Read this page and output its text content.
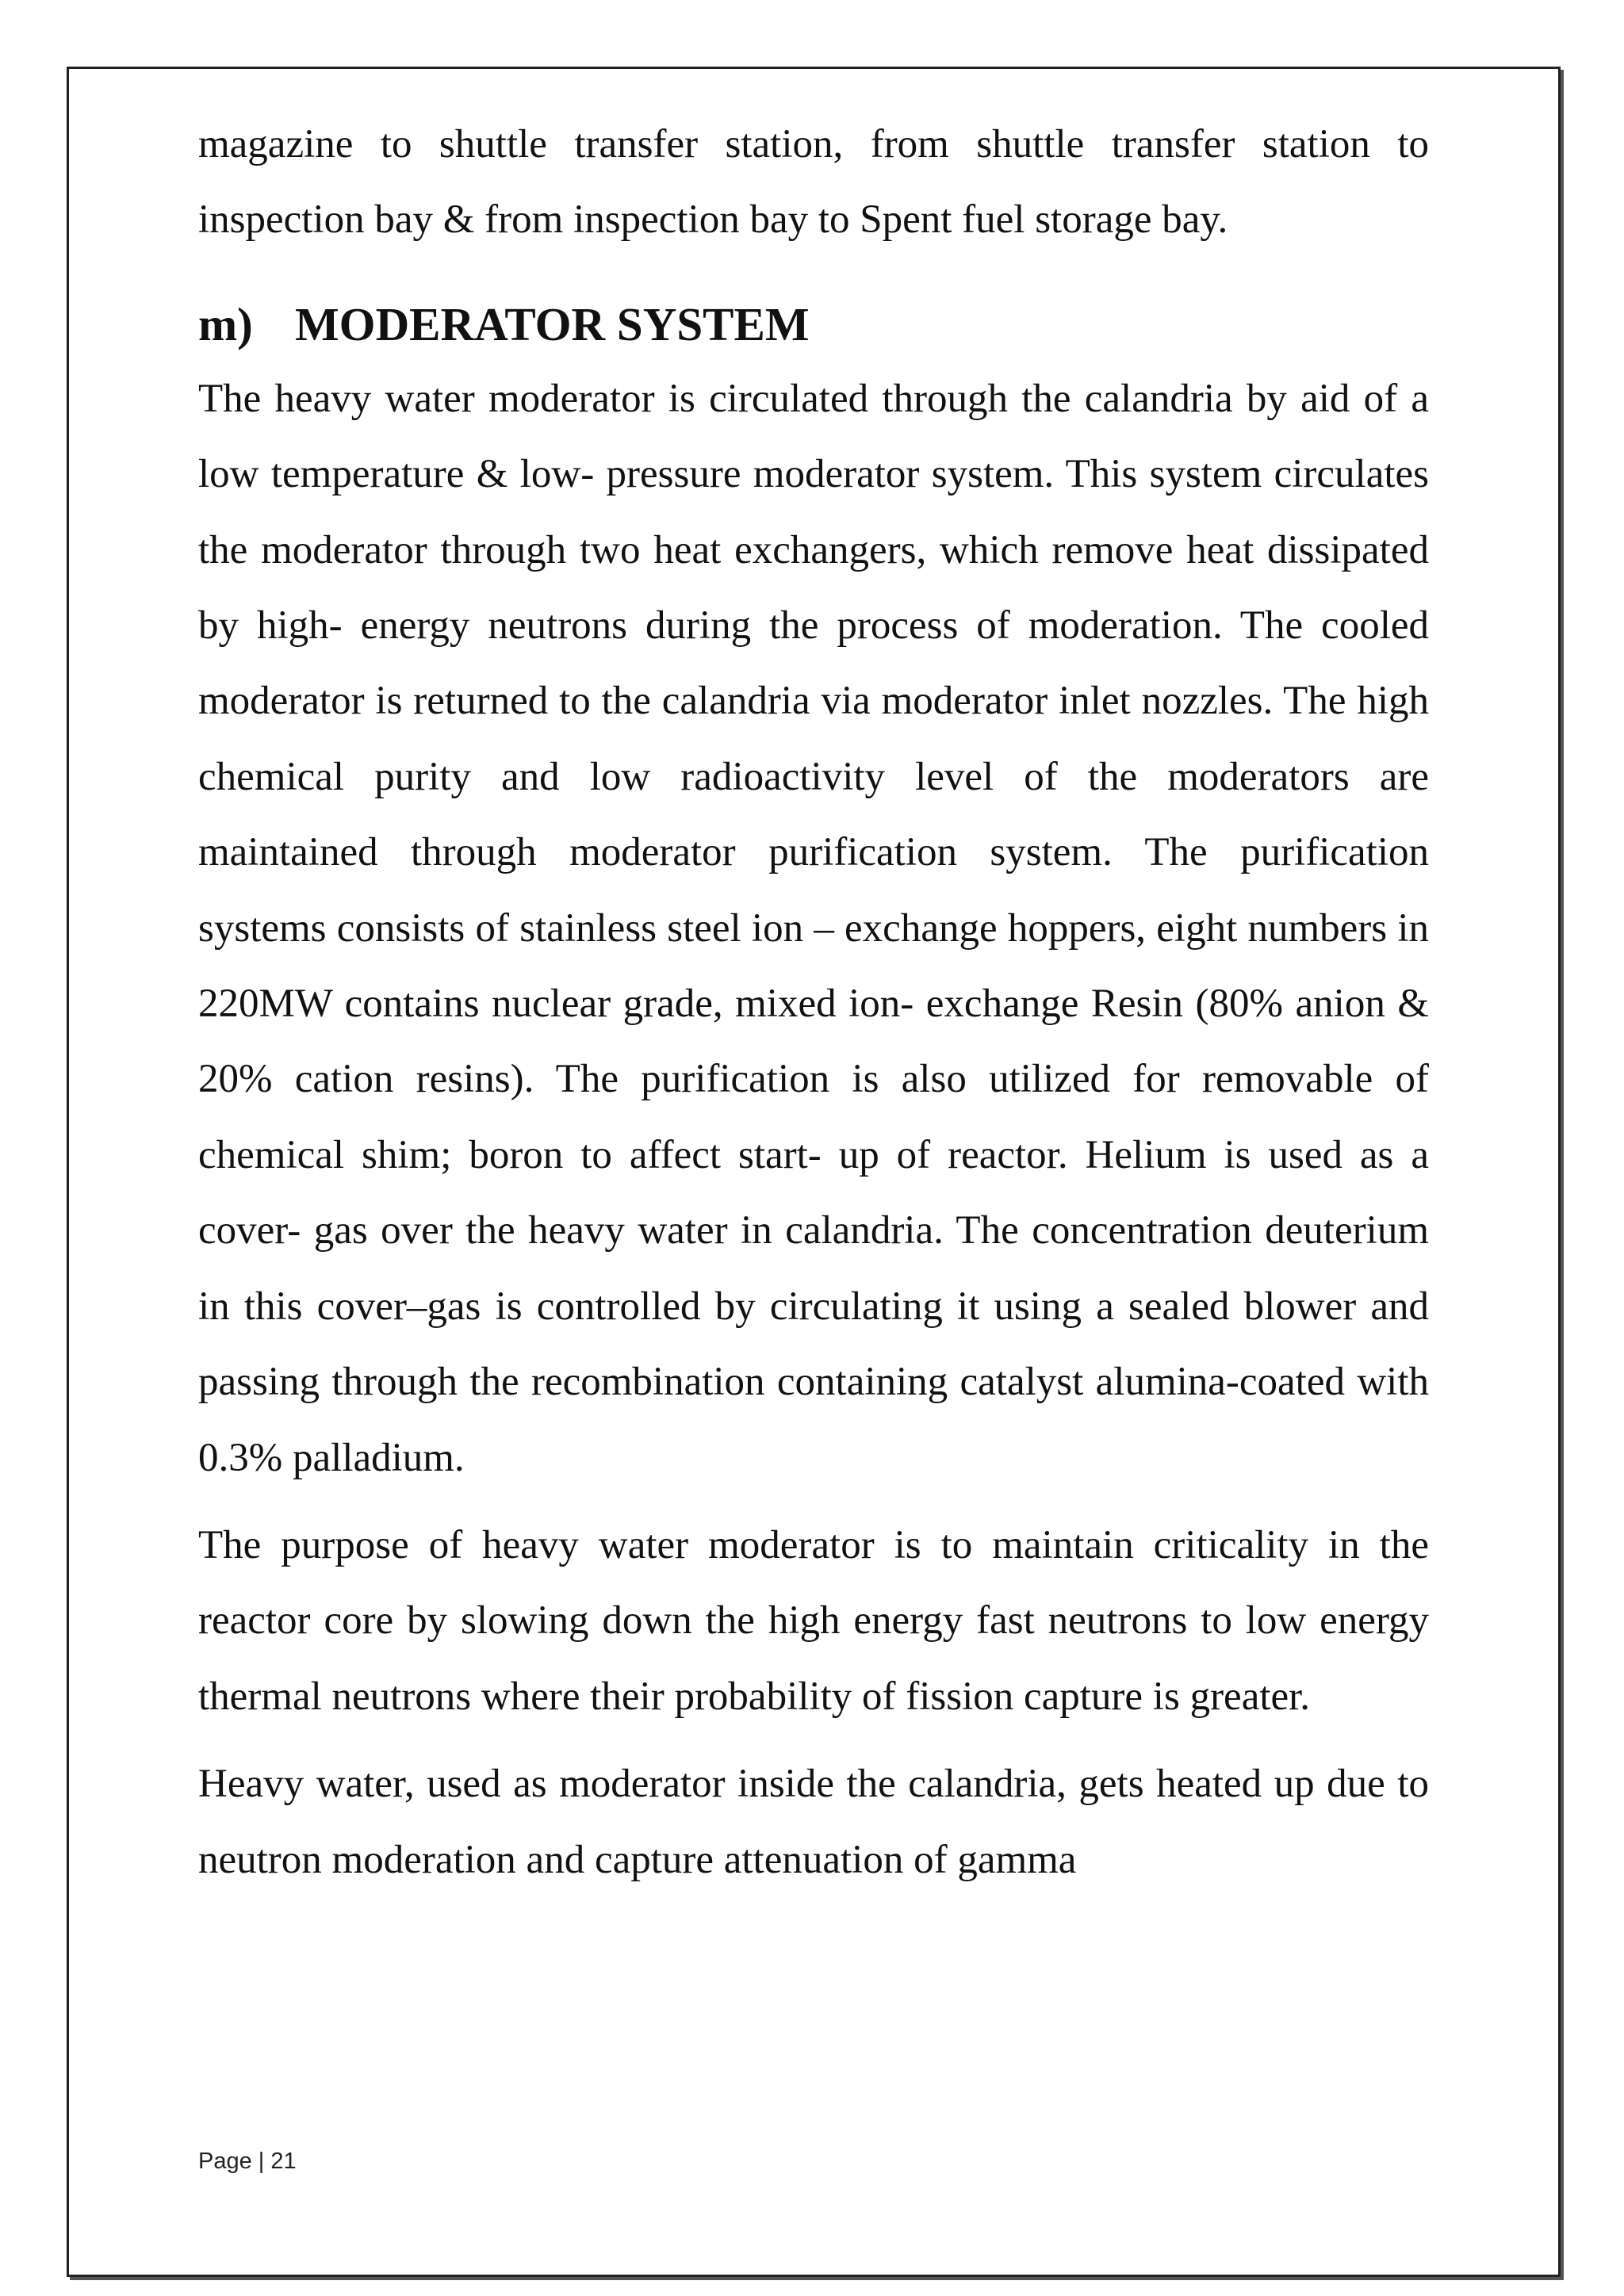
magazine to shuttle transfer station, from shuttle transfer station to inspection bay & from inspection bay to Spent fuel storage bay.

m) MODERATOR SYSTEM

The heavy water moderator is circulated through the calandria by aid of a low temperature & low- pressure moderator system. This system circulates the moderator through two heat exchangers, which remove heat dissipated by high- energy neutrons during the process of moderation. The cooled moderator is returned to the calandria via moderator inlet nozzles. The high chemical purity and low radioactivity level of the moderators are maintained through moderator purification system. The purification systems consists of stainless steel ion – exchange hoppers, eight numbers in 220MW contains nuclear grade, mixed ion- exchange Resin (80% anion & 20% cation resins). The purification is also utilized for removable of chemical shim; boron to affect start- up of reactor. Helium is used as a cover- gas over the heavy water in calandria. The concentration deuterium in this cover–gas is controlled by circulating it using a sealed blower and passing through the recombination containing catalyst alumina-coated with 0.3% palladium.

The purpose of heavy water moderator is to maintain criticality in the reactor core by slowing down the high energy fast neutrons to low energy thermal neutrons where their probability of fission capture is greater.

Heavy water, used as moderator inside the calandria, gets heated up due to neutron moderation and capture attenuation of gamma

Page | 21
